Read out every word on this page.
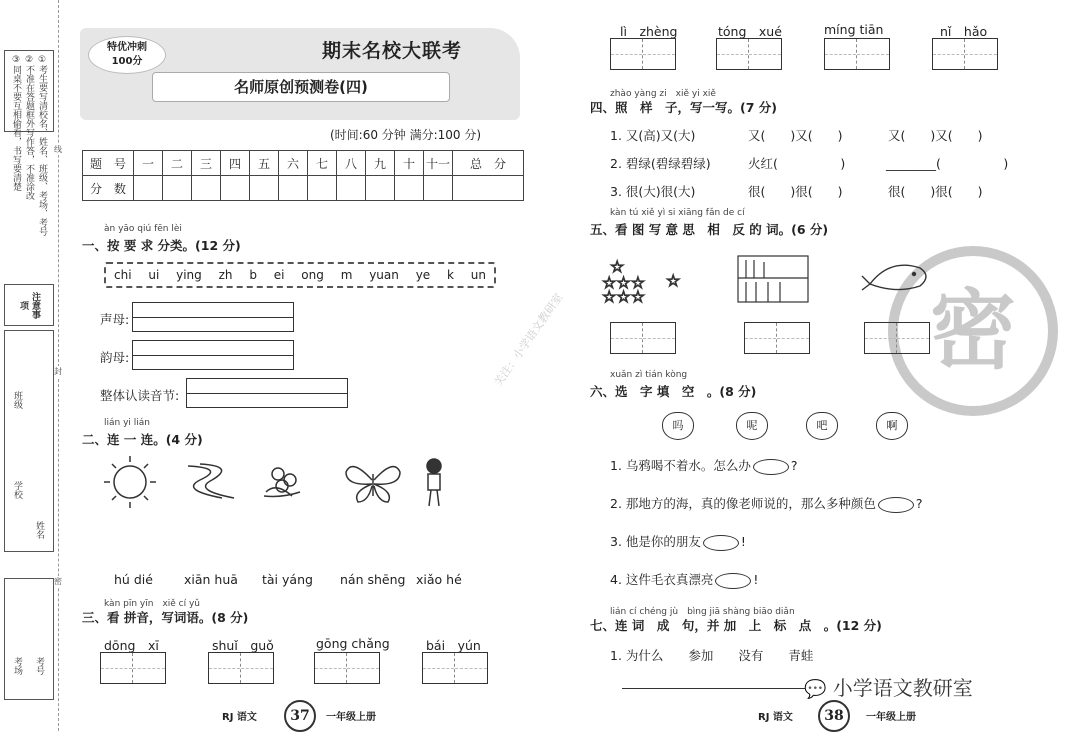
①考生要写清校名、姓名、班级、考场、考号
②不准在答题框外写作答，不准涂改
③同桌不要互相偷看，书写要清楚
注意事项
班级
学校
姓名
考场 考号
线
封
密
特优冲刺
100分	期末名校大联考
名师原创预测卷(四)
(时间:60 分钟 满分:100 分)
题　号	一	二	三	四	五	六	七	八	九	十	十一	总　分
分　数												
àn yāo qiú fēn lèi
一、按 要 求 分类。(12 分)
chi ui ying zh b ei ong m yuan ye k un
声母:
韵母:
整体认读音节:
lián yi lián
二、连 一 连。(4 分)
hú dié xiān huā tài yáng nán shēng xiǎo hé
kàn pīn yīn　xiě cí yǔ
三、看 拼音，写词语。(8 分)
dōng　xī	shuǐ　guǒ	gōng chǎng	bái　yún
RJ 语文	37	一年级上册
lì　zhèng	tóng　xué	míng tiān	nǐ　hǎo
zhào yàng zi　xiě yi xiě
四、照　样　子，写一写。(7 分)
1. 又(高)又(大)	又(　　)又(　　)	又(　　)又(　　)
2. 碧绿(碧绿碧绿)	火红(　　　　　)	________(　　　　　)
3. 很(大)很(大)	很(　　)很(　　)	很(　　)很(　　)
kàn tú xiě yì si xiāng fǎn de cí
五、看 图 写 意 思　相　反 的 词。(6 分)
密
☆
☆☆☆
☆☆☆
☆
xuǎn zì tián kòng
六、选　字 填　空　。(8 分)
吗	呢	吧	啊
1. 乌鸦喝不着水。怎么办	?
2. 那地方的海，真的像老师说的，那么多种颜色	?
3. 他是你的朋友	!
4. 这件毛衣真漂亮	!
lián cí chéng jù　bìng jiā shàng biāo diǎn
七、连 词　成　句，并 加　上　标　点　。(12 分)
1. 为什么　　参加　　没有　　青蛙
RJ 语文	38	一年级上册
关注：小学语文教研室
💬 小学语文教研室
